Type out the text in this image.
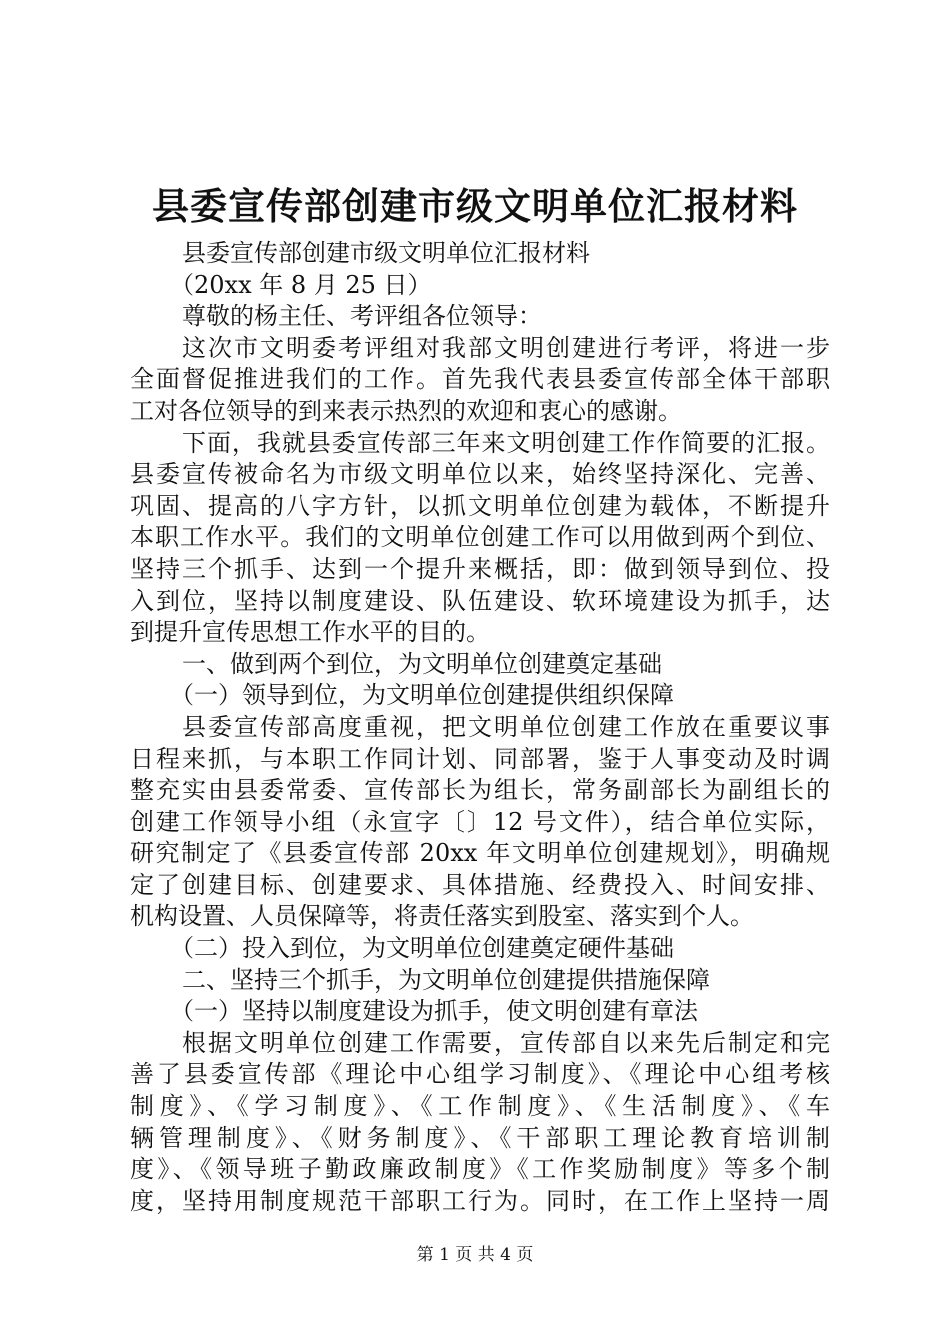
县委宣传部创建市级文明单位汇报材料
县委宣传部创建市级文明单位汇报材料
（20xx 年 8 月 25 日）
尊敬的杨主任、考评组各位领导：
这次市文明委考评组对我部文明创建进行考评，将进一步
全面督促推进我们的工作。首先我代表县委宣传部全体干部职
工对各位领导的到来表示热烈的欢迎和衷心的感谢。
下面，我就县委宣传部三年来文明创建工作作简要的汇报。
县委宣传被命名为市级文明单位以来，始终坚持深化、完善、
巩固、提高的八字方针，以抓文明单位创建为载体，不断提升
本职工作水平。我们的文明单位创建工作可以用做到两个到位、
坚持三个抓手、达到一个提升来概括，即：做到领导到位、投
入到位，坚持以制度建设、队伍建设、软环境建设为抓手，达
到提升宣传思想工作水平的目的。
一、做到两个到位，为文明单位创建奠定基础
（一）领导到位，为文明单位创建提供组织保障
县委宣传部高度重视，把文明单位创建工作放在重要议事
日程来抓，与本职工作同计划、同部署，鉴于人事变动及时调
整充实由县委常委、宣传部长为组长，常务副部长为副组长的
创建工作领导小组（永宣字〔〕12 号文件），结合单位实际，
研究制定了《县委宣传部 20xx 年文明单位创建规划》，明确规
定了创建目标、创建要求、具体措施、经费投入、时间安排、
机构设置、人员保障等，将责任落实到股室、落实到个人。
（二）投入到位，为文明单位创建奠定硬件基础
二、坚持三个抓手，为文明单位创建提供措施保障
（一）坚持以制度建设为抓手，使文明创建有章法
根据文明单位创建工作需要，宣传部自以来先后制定和完
善了县委宣传部《理论中心组学习制度》、《理论中心组考核
制度》、《学习制度》、《工作制度》、《生活制度》、《车
辆管理制度》、《财务制度》、《干部职工理论教育培训制
度》、《领导班子勤政廉政制度》《工作奖励制度》等多个制
度，坚持用制度规范干部职工行为。同时，在工作上坚持一周
第 1 页 共 4 页
